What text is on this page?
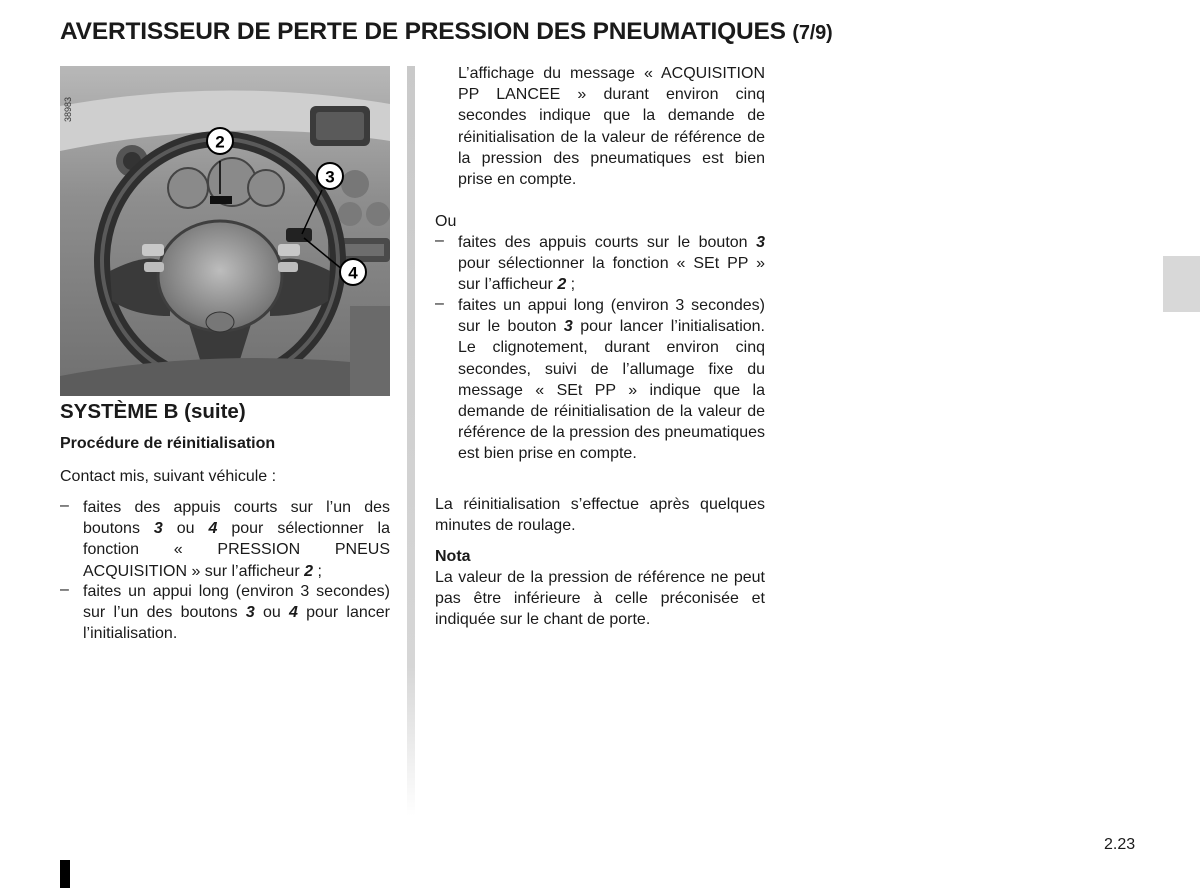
AVERTISSEUR DE PERTE DE PRESSION DES PNEUMATIQUES (7/9)
2
3
4
38983
SYSTÈME B (suite)
Procédure de réinitialisation
Contact mis, suivant véhicule :
– faites des appuis courts sur l’un des boutons 3 ou 4 pour sélectionner la fonction « PRESSION PNEUS ACQUISITION » sur l’afficheur 2 ;
– faites un appui long (environ 3 secondes) sur l’un des boutons 3 ou 4 pour lancer l’initialisation.
L’affichage du message « ACQUISITION PP LANCEE » durant environ cinq secondes indique que la demande de réinitialisation de la valeur de référence de la pression des pneumatiques est bien prise en compte.
Ou
– faites des appuis courts sur le bouton 3 pour sélectionner la fonction « SEt PP » sur l’afficheur 2 ;
– faites un appui long (environ 3 secondes) sur le bouton 3 pour lancer l’initialisation. Le clignotement, durant environ cinq secondes, suivi de l’allumage fixe du message « SEt PP » indique que la demande de réinitialisation de la valeur de référence de la pression des pneumatiques est bien prise en compte.
La réinitialisation s’effectue après quelques minutes de roulage.
Nota
La valeur de la pression de référence ne peut pas être inférieure à celle préconisée et indiquée sur le chant de porte.
2.23
